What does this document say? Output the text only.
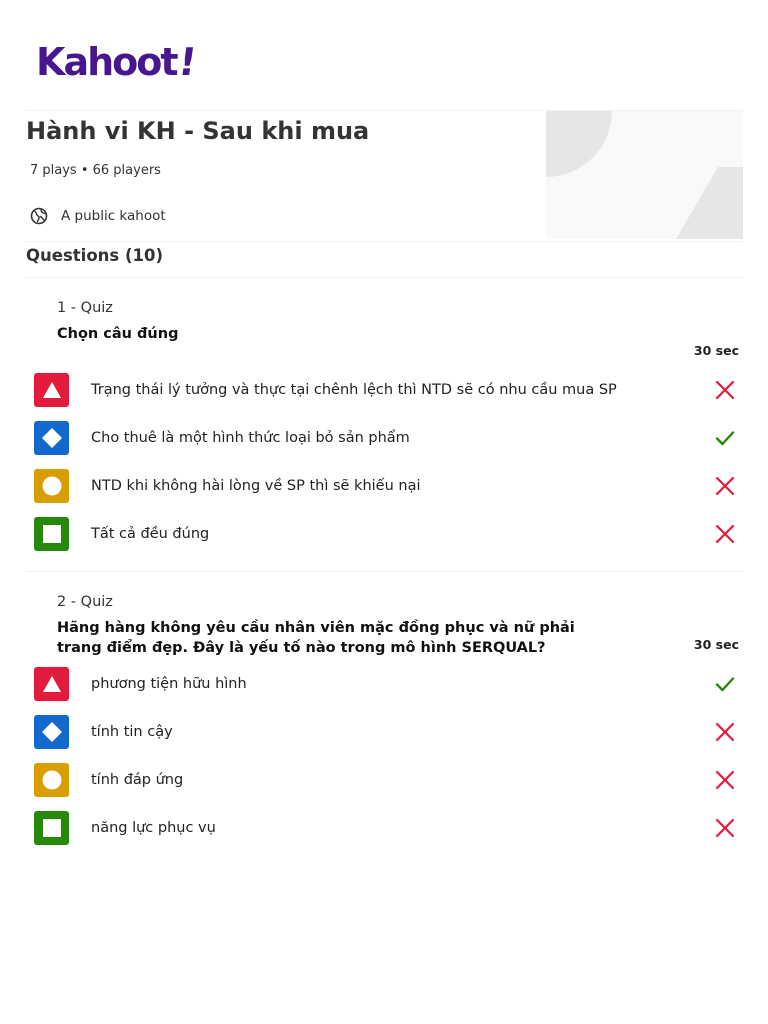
Kahoot!
Hành vi KH - Sau khi mua
7 plays • 66 players
A public kahoot
Questions (10)
1 - Quiz
Chọn câu đúng
30 sec
Trạng thái lý tưởng và thực tại chênh lệch thì NTD sẽ có nhu cầu mua SP
Cho thuê là một hình thức loại bỏ sản phẩm
NTD khi không hài lòng về SP thì sẽ khiếu nại
Tất cả đều đúng
2 - Quiz
Hãng hàng không yêu cầu nhân viên mặc đồng phục và nữ phải trang điểm đẹp. Đây là yếu tố nào trong mô hình SERQUAL?	30 sec
phương tiện hữu hình
tính tin cậy
tính đáp ứng
năng lực phục vụ
